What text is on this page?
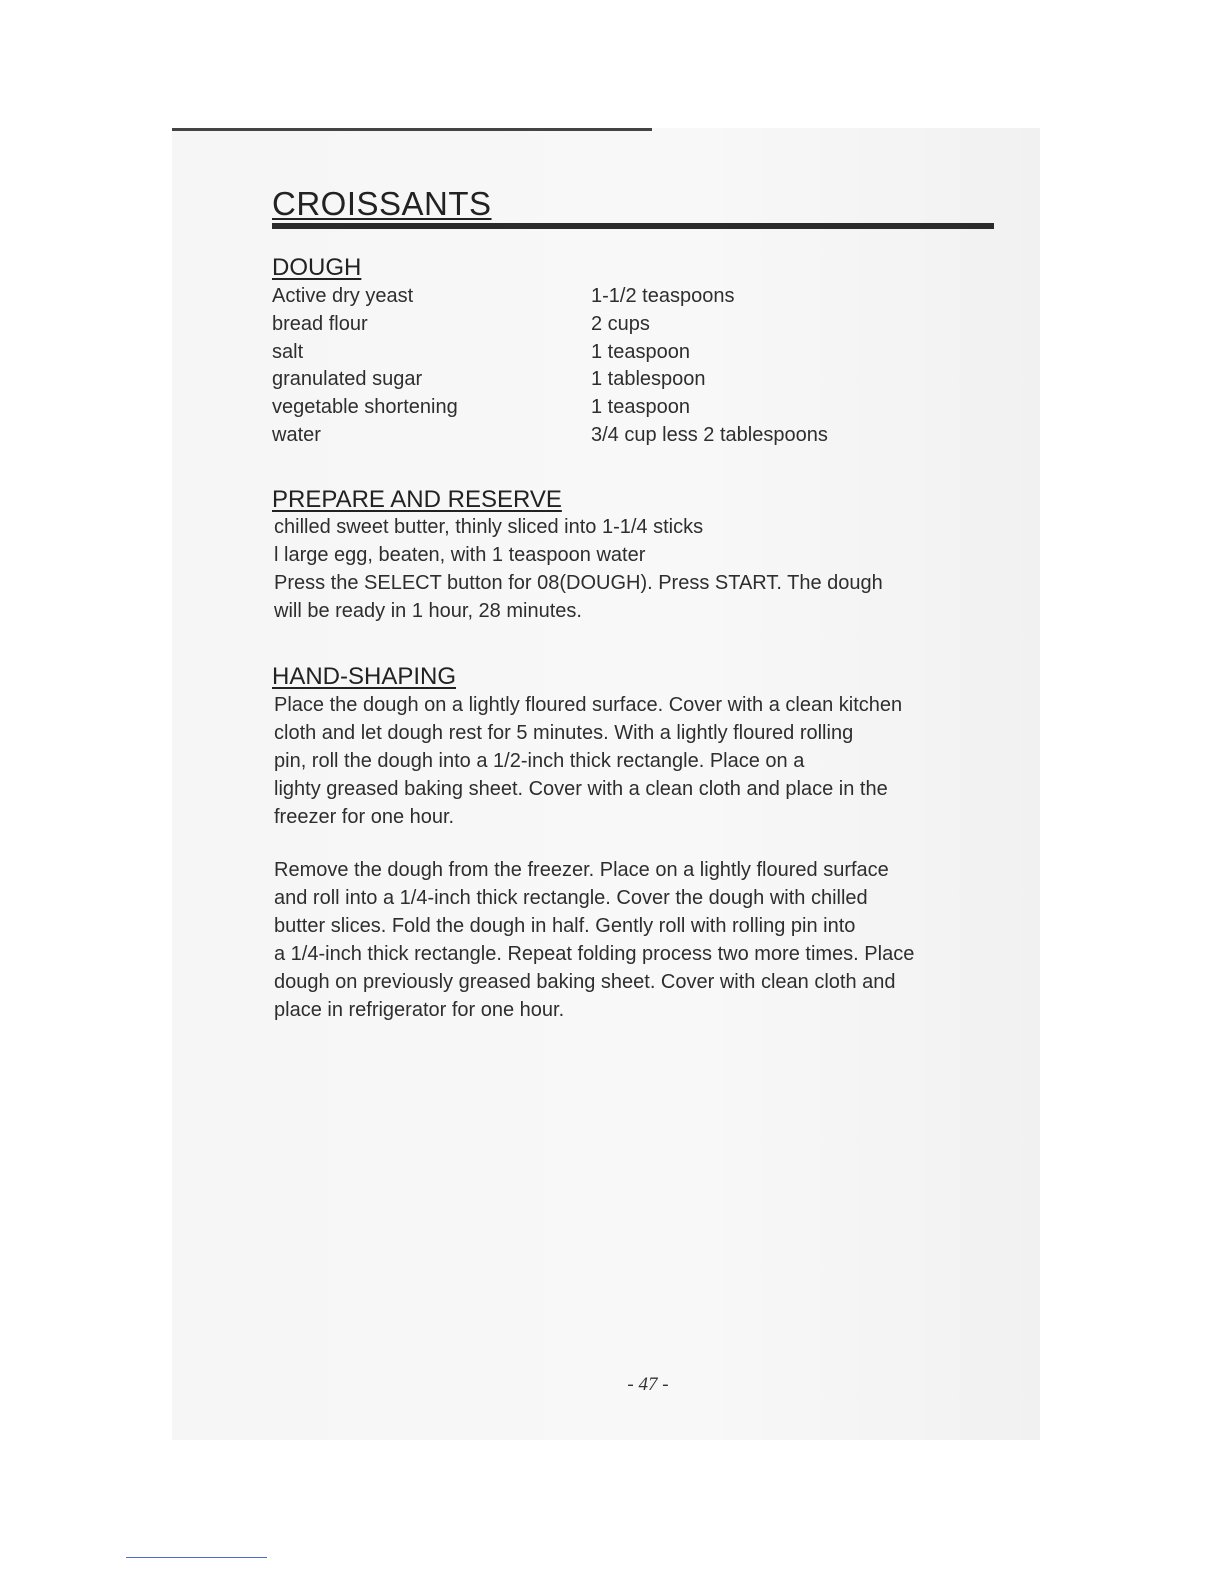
CROISSANTS
DOUGH
Active dry yeast	1-1/2 teaspoons
bread flour	2 cups
salt	1 teaspoon
granulated sugar	1 tablespoon
vegetable shortening	1 teaspoon
water	3/4 cup less 2 tablespoons
PREPARE AND RESERVE
chilled sweet butter, thinly sliced into 1-1/4 sticks
l large egg, beaten, with 1 teaspoon water
Press the SELECT button for 08(DOUGH). Press START. The dough
will be ready in 1 hour, 28 minutes.
HAND-SHAPING
Place the dough on a lightly floured surface. Cover with a clean kitchen
cloth and let dough rest for 5 minutes. With a lightly floured rolling
pin, roll the dough into a 1/2-inch thick rectangle. Place on a
lighty greased baking sheet. Cover with a clean cloth and place in the
freezer for one hour.
Remove the dough from the freezer. Place on a lightly floured surface
and roll into a 1/4-inch thick rectangle. Cover the dough with chilled
butter slices. Fold the dough in half. Gently roll with rolling pin into
a 1/4-inch thick rectangle. Repeat folding process two more times. Place
dough on previously greased baking sheet. Cover with clean cloth and
place in refrigerator for one hour.
- 47 -
